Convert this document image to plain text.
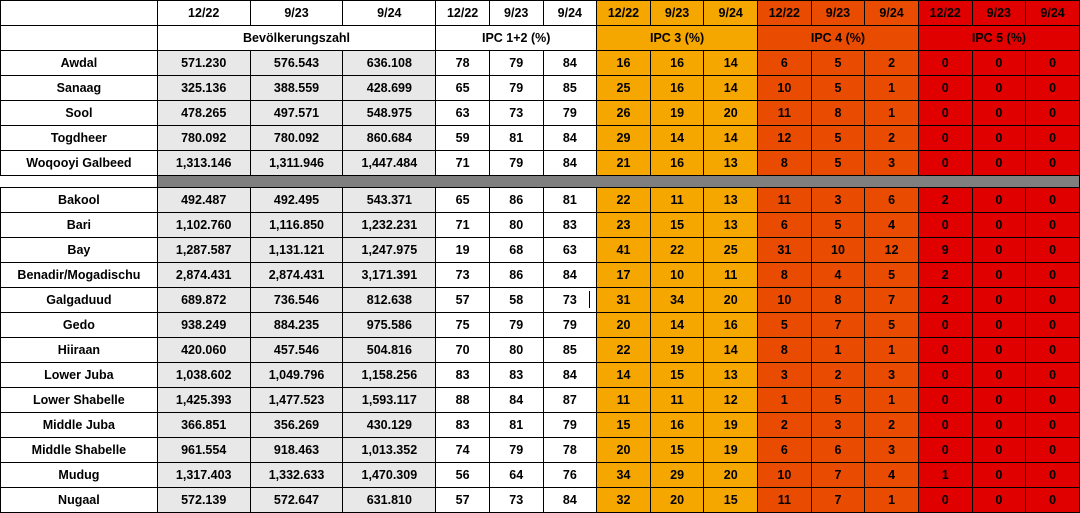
	12/22	9/23	9/24	12/22	9/23	9/24	12/22	9/23	9/24	12/22	9/23	9/24	12/22	9/23	9/24
	Bevölkerungszahl			IPC 1+2 (%)			IPC 3 (%)			IPC 4 (%)			IPC 5 (%)		
Awdal	571.230	576.543	636.108	78	79	84	16	16	14	6	5	2	0	0	0
Sanaag	325.136	388.559	428.699	65	79	85	25	16	14	10	5	1	0	0	0
Sool	478.265	497.571	548.975	63	73	79	26	19	20	11	8	1	0	0	0
Togdheer	780.092	780.092	860.684	59	81	84	29	14	14	12	5	2	0	0	0
Woqooyi Galbeed	1,313.146	1,311.946	1,447.484	71	79	84	21	16	13	8	5	3	0	0	0

Bakool	492.487	492.495	543.371	65	86	81	22	11	13	11	3	6	2	0	0
Bari	1,102.760	1,116.850	1,232.231	71	80	83	23	15	13	6	5	4	0	0	0
Bay	1,287.587	1,131.121	1,247.975	19	68	63	41	22	25	31	10	12	9	0	0
Benadir/Mogadischu	2,874.431	2,874.431	3,171.391	73	86	84	17	10	11	8	4	5	2	0	0
Galgaduud	689.872	736.546	812.638	57	58	73	31	34	20	10	8	7	2	0	0
Gedo	938.249	884.235	975.586	75	79	79	20	14	16	5	7	5	0	0	0
Hiiraan	420.060	457.546	504.816	70	80	85	22	19	14	8	1	1	0	0	0
Lower Juba	1,038.602	1,049.796	1,158.256	83	83	84	14	15	13	3	2	3	0	0	0
Lower Shabelle	1,425.393	1,477.523	1,593.117	88	84	87	11	11	12	1	5	1	0	0	0
Middle Juba	366.851	356.269	430.129	83	81	79	15	16	19	2	3	2	0	0	0
Middle Shabelle	961.554	918.463	1,013.352	74	79	78	20	15	19	6	6	3	0	0	0
Mudug	1,317.403	1,332.633	1,470.309	56	64	76	34	29	20	10	7	4	1	0	0
Nugaal	572.139	572.647	631.810	57	73	84	32	20	15	11	7	1	0	0	0
